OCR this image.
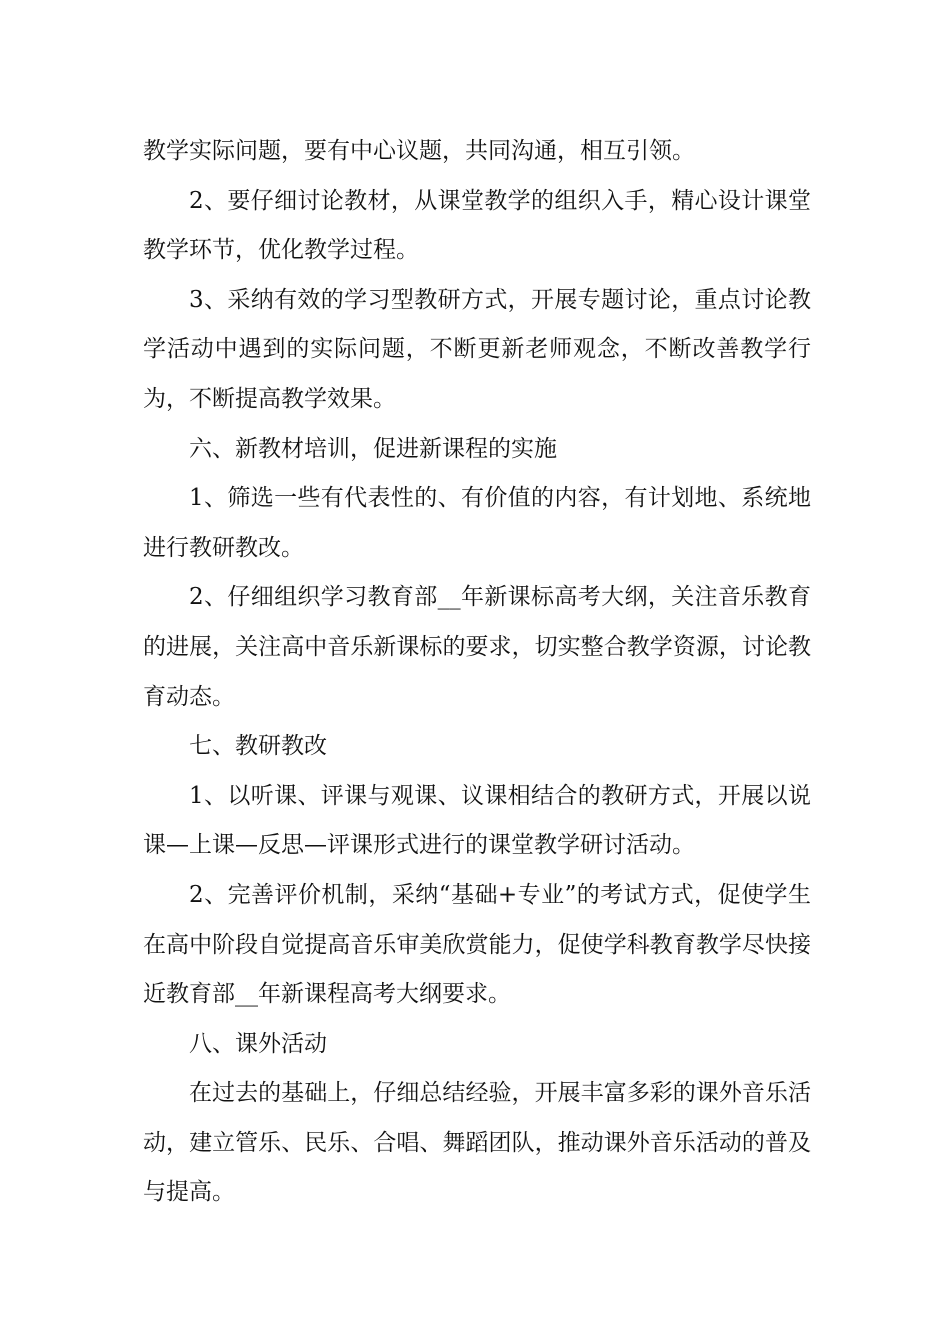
教学实际问题，要有中心议题，共同沟通，相互引领。

2、要仔细讨论教材，从课堂教学的组织入手，精心设计课堂教学环节，优化教学过程。

3、采纳有效的学习型教研方式，开展专题讨论，重点讨论教学活动中遇到的实际问题，不断更新老师观念，不断改善教学行为，不断提高教学效果。

六、新教材培训，促进新课程的实施

1、筛选一些有代表性的、有价值的内容，有计划地、系统地进行教研教改。

2、仔细组织学习教育部__年新课标高考大纲，关注音乐教育的进展，关注高中音乐新课标的要求，切实整合教学资源，讨论教育动态。

七、教研教改

1、以听课、评课与观课、议课相结合的教研方式，开展以说课—上课—反思—评课形式进行的课堂教学研讨活动。

2、完善评价机制，采纳“基础+专业”的考试方式，促使学生在高中阶段自觉提高音乐审美欣赏能力，促使学科教育教学尽快接近教育部__年新课程高考大纲要求。

八、课外活动

在过去的基础上，仔细总结经验，开展丰富多彩的课外音乐活动，建立管乐、民乐、合唱、舞蹈团队，推动课外音乐活动的普及与提高。
